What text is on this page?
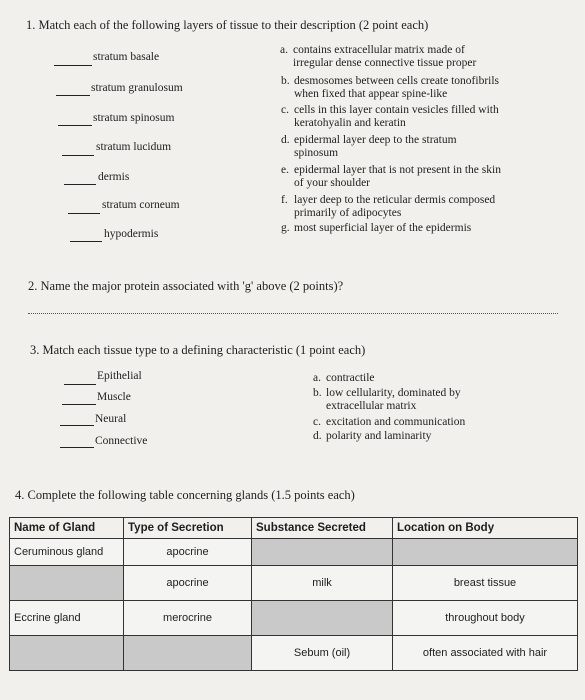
1. Match each of the following layers of tissue to their description (2 point each)
stratum basale
stratum granulosum
stratum spinosum
stratum lucidum
dermis
stratum corneum
hypodermis
a. contains extracellular matrix made of
irregular dense connective tissue proper
b. desmosomes between cells create tonofibrils
when fixed that appear spine-like
c. cells in this layer contain vesicles filled with
keratohyalin and keratin
d. epidermal layer deep to the stratum
spinosum
e. epidermal layer that is not present in the skin
of your shoulder
f. layer deep to the reticular dermis composed
primarily of adipocytes
g. most superficial layer of the epidermis
2. Name the major protein associated with 'g' above (2 points)?
3. Match each tissue type to a defining characteristic (1 point each)
Epithelial
Muscle
Neural
Connective
a. contractile
b. low cellularity, dominated by
extracellular matrix
c. excitation and communication
d. polarity and laminarity
4. Complete the following table concerning glands (1.5 points each)
Name of Gland	Type of Secretion	Substance Secreted	Location on Body
Ceruminous gland	apocrine		
	apocrine	milk	breast tissue
Eccrine gland	merocrine		throughout body
		Sebum (oil)	often associated with hair
